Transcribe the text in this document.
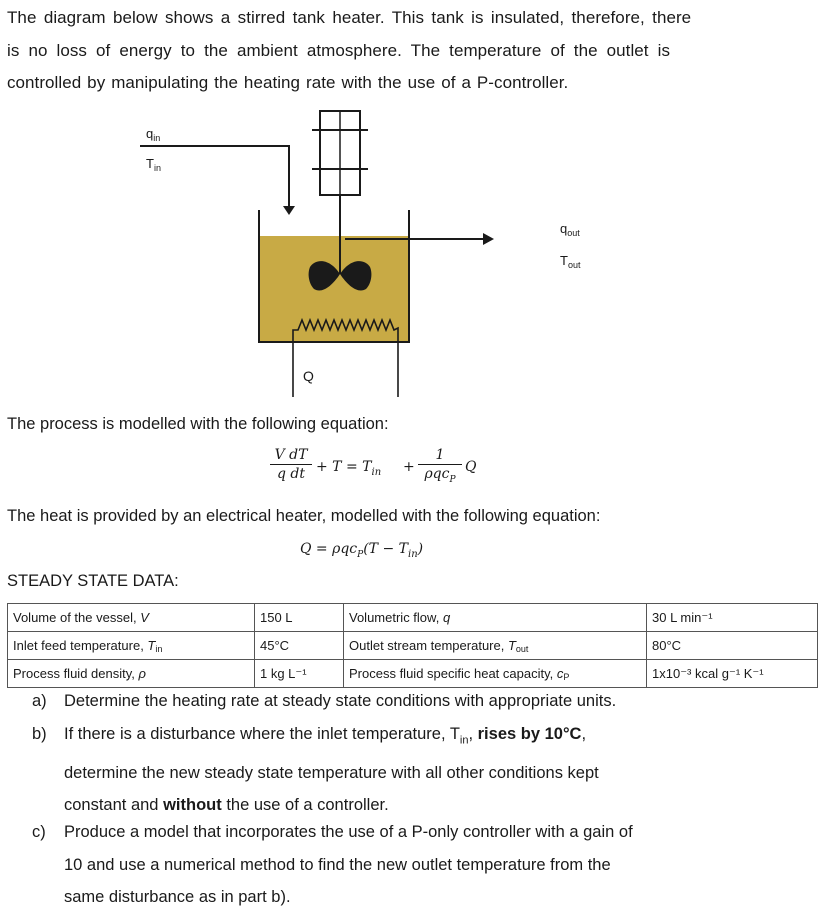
The diagram below shows a stirred tank heater. This tank is insulated, therefore, there
is no loss of energy to the ambient atmosphere. The temperature of the outlet is
controlled by manipulating the heating rate with the use of a P-controller.
$q_{in}$
$T_{in}$
$q_{out}$
$T_{out}$
Q
The process is modelled with the following equation:
V dT
q dt + $T = T_{in}$ +
1
ρqc$_P$
Q
The heat is provided by an electrical heater, modelled with the following equation:
$Q = \rho qc_P(T - T_{in})$
STEADY STATE DATA:
Volume of the vessel, V	150 L	Volumetric flow, q	30 L min⁻¹
Inlet feed temperature, $T_{in}$	45°C	Outlet stream temperature, $T_{out}$	80°C
Process fluid density, ρ	1 kg L⁻¹	Process fluid specific heat capacity, $c_P$	1x10⁻³ kcal g⁻¹ K⁻¹
a) Determine the heating rate at steady state conditions with appropriate units.
b) If there is a disturbance where the inlet temperature, $T_{in}$, rises by 10°C,
determine the new steady state temperature with all other conditions kept
constant and without the use of a controller.
c) Produce a model that incorporates the use of a P-only controller with a gain of
10 and use a numerical method to find the new outlet temperature from the
same disturbance as in part b).
